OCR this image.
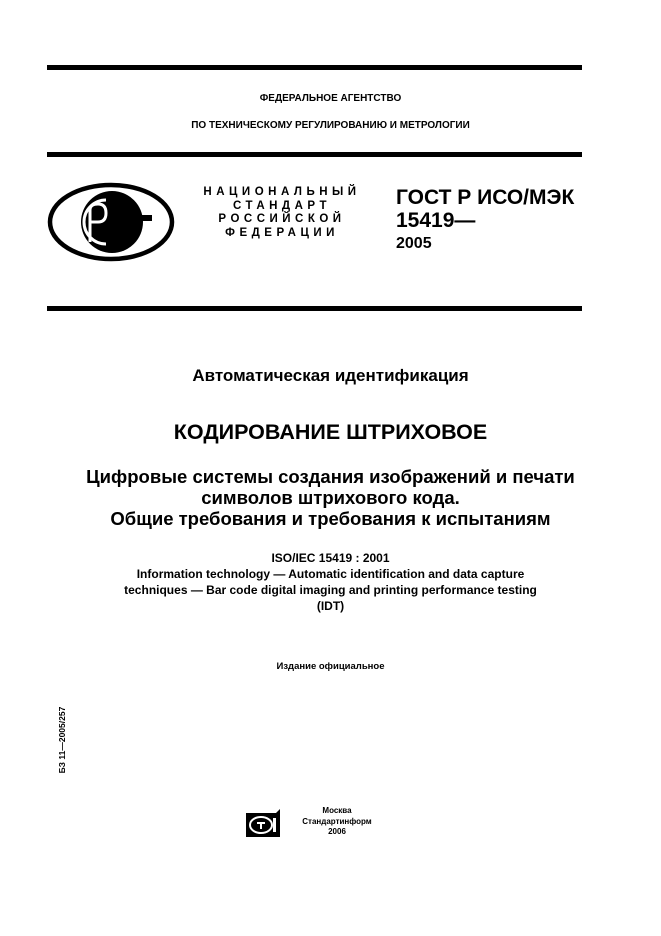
ФЕДЕРАЛЬНОЕ АГЕНТСТВО
ПО ТЕХНИЧЕСКОМУ РЕГУЛИРОВАНИЮ И МЕТРОЛОГИИ
НАЦИОНАЛЬНЫЙ
СТАНДАРТ
РОССИЙСКОЙ
ФЕДЕРАЦИИ
ГОСТ Р ИСО/МЭК
15419—
2005
Автоматическая идентификация
КОДИРОВАНИЕ ШТРИХОВОЕ
Цифровые системы создания изображений и печати
символов штрихового кода.
Общие требования и требования к испытаниям
ISO/IEC 15419 : 2001
Information technology — Automatic identification and data capture
techniques — Bar code digital imaging and printing performance testing
(IDT)
Издание официальное
БЗ 11—2005/257
Москва
Стандартинформ
2006
